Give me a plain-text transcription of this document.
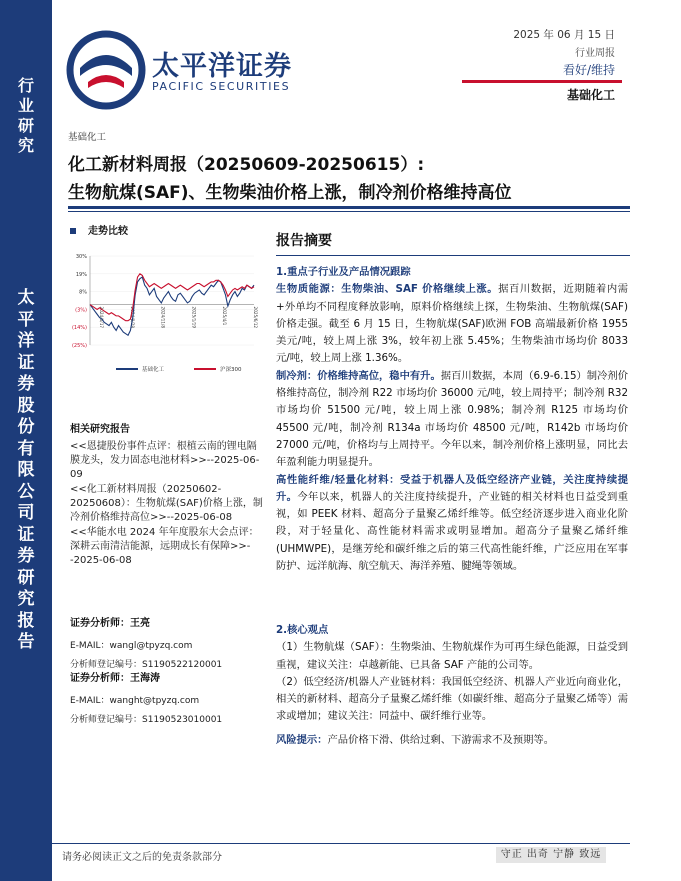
行业研究
太平洋证券股份有限公司证券研究报告
太平洋证券
PACIFIC SECURITIES
2025 年 06 月 15 日
行业周报
看好/维持
基础化工
基础化工
化工新材料周报（20250609-20250615）:
生物航煤(SAF)、生物柴油价格上涨，制冷剂价格维持高位
走势比较
30%
19%
8%
(3%)
(14%)
(25%)
2024/6/17	2024/8/28	2024/11/8	2025/1/19	2025/4/1	2025/6/12
基础化工	沪深300
相关研究报告
<<恩捷股份事件点评：根植云南的锂电隔膜龙头，发力固态电池材料>>--2025-06-09
<<化工新材料周报（20250602-20250608）：生物航煤(SAF)价格上涨，制冷剂价格维持高位>>--2025-06-08
<<华能水电 2024 年年度股东大会点评：深耕云南清洁能源，远期成长有保障>>--2025-06-08
证券分析师：王亮
E-MAIL：wangl@tpyzq.com
分析师登记编号：S1190522120001
证券分析师：王海涛
E-MAIL：wanght@tpyzq.com
分析师登记编号：S1190523010001
报告摘要
1.重点子行业及产品情况跟踪
生物质能源：生物柴油、SAF 价格继续上涨。据百川数据，近期随着内需+外单均不同程度释放影响，原料价格继续上探，生物柴油、生物航煤(SAF)价格走强。截至 6 月 15 日，生物航煤(SAF)欧洲 FOB 高端最新价格 1955 美元/吨，较上周上涨 3%，较年初上涨 5.45%；生物柴油市场均价 8033 元/吨，较上周上涨 1.36%。
制冷剂：价格维持高位，稳中有升。据百川数据，本周（6.9-6.15）制冷剂价格维持高位，制冷剂 R22 市场均价 36000 元/吨，较上周持平；制冷剂 R32 市场均价 51500 元/吨，较上周上涨 0.98%；制冷剂 R125 市场均价 45500 元/吨，制冷剂 R134a 市场均价 48500 元/吨，R142b 市场均价 27000 元/吨，价格均与上周持平。今年以来，制冷剂价格上涨明显，同比去年盈利能力明显提升。
高性能纤维/轻量化材料：受益于机器人及低空经济产业链，关注度持续提升。今年以来，机器人的关注度持续提升，产业链的相关材料也日益受到重视，如 PEEK 材料、超高分子量聚乙烯纤维等。低空经济逐步进入商业化阶段，对于轻量化、高性能材料需求或明显增加。超高分子量聚乙烯纤维(UHMWPE)，是继芳纶和碳纤维之后的第三代高性能纤维，广泛应用在军事防护、远洋航海、航空航天、海洋养殖、腱绳等领域。
2.核心观点
（1）生物航煤（SAF）：生物柴油、生物航煤作为可再生绿色能源，日益受到重视，建议关注：卓越新能、已具备 SAF 产能的公司等。
（2）低空经济/机器人产业链材料：我国低空经济、机器人产业近向商业化，相关的新材料、超高分子量聚乙烯纤维（如碳纤维、超高分子量聚乙烯等）需求或增加；建议关注：同益中、碳纤维行业等。
风险提示：产品价格下滑、供给过剩、下游需求不及预期等。
请务必阅读正文之后的免责条款部分	守正 出奇 宁静 致远
